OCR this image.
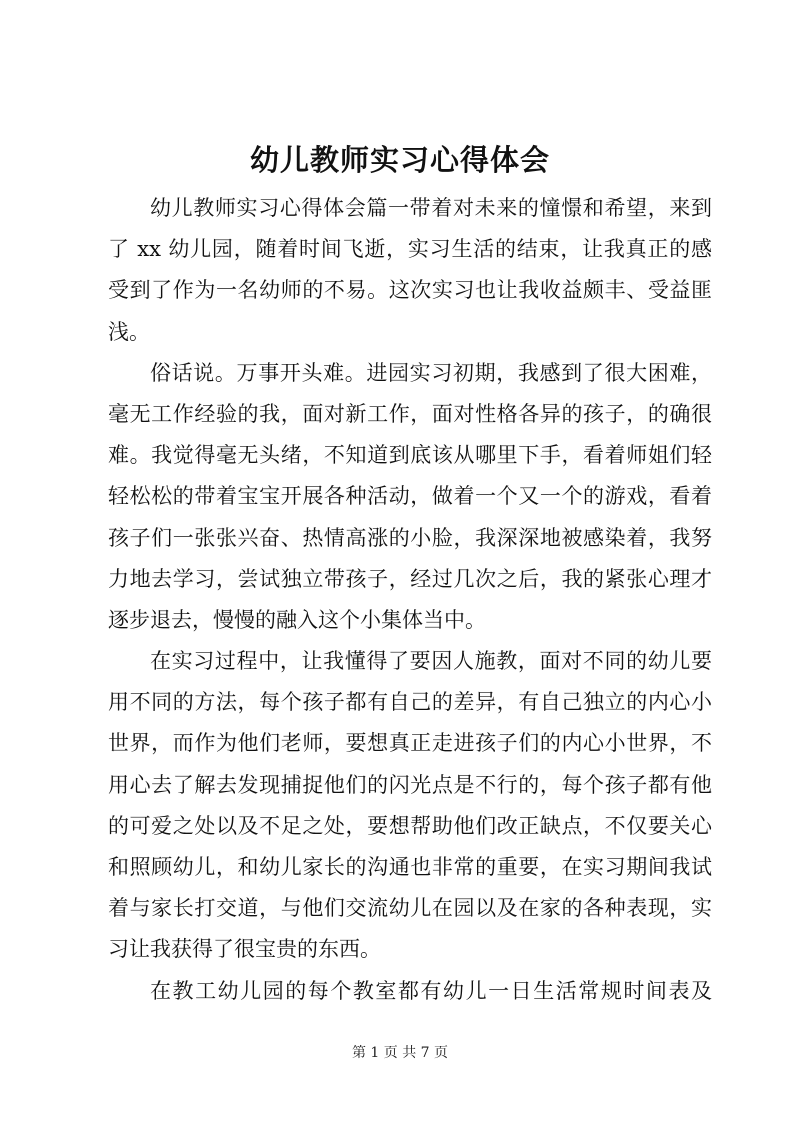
幼儿教师实习心得体会
幼儿教师实习心得体会篇一带着对未来的憧憬和希望，来到
了 xx 幼儿园，随着时间飞逝，实习生活的结束，让我真正的感
受到了作为一名幼师的不易。这次实习也让我收益颇丰、受益匪
浅。
俗话说。万事开头难。进园实习初期，我感到了很大困难，
毫无工作经验的我，面对新工作，面对性格各异的孩子，的确很
难。我觉得毫无头绪，不知道到底该从哪里下手，看着师姐们轻
轻松松的带着宝宝开展各种活动，做着一个又一个的游戏，看着
孩子们一张张兴奋、热情高涨的小脸，我深深地被感染着，我努
力地去学习，尝试独立带孩子，经过几次之后，我的紧张心理才
逐步退去，慢慢的融入这个小集体当中。
在实习过程中，让我懂得了要因人施教，面对不同的幼儿要
用不同的方法，每个孩子都有自己的差异，有自己独立的内心小
世界，而作为他们老师，要想真正走进孩子们的内心小世界，不
用心去了解去发现捕捉他们的闪光点是不行的，每个孩子都有他
的可爱之处以及不足之处，要想帮助他们改正缺点，不仅要关心
和照顾幼儿，和幼儿家长的沟通也非常的重要，在实习期间我试
着与家长打交道，与他们交流幼儿在园以及在家的各种表现，实
习让我获得了很宝贵的东西。
在教工幼儿园的每个教室都有幼儿一日生活常规时间表及
第 1 页 共 7 页
